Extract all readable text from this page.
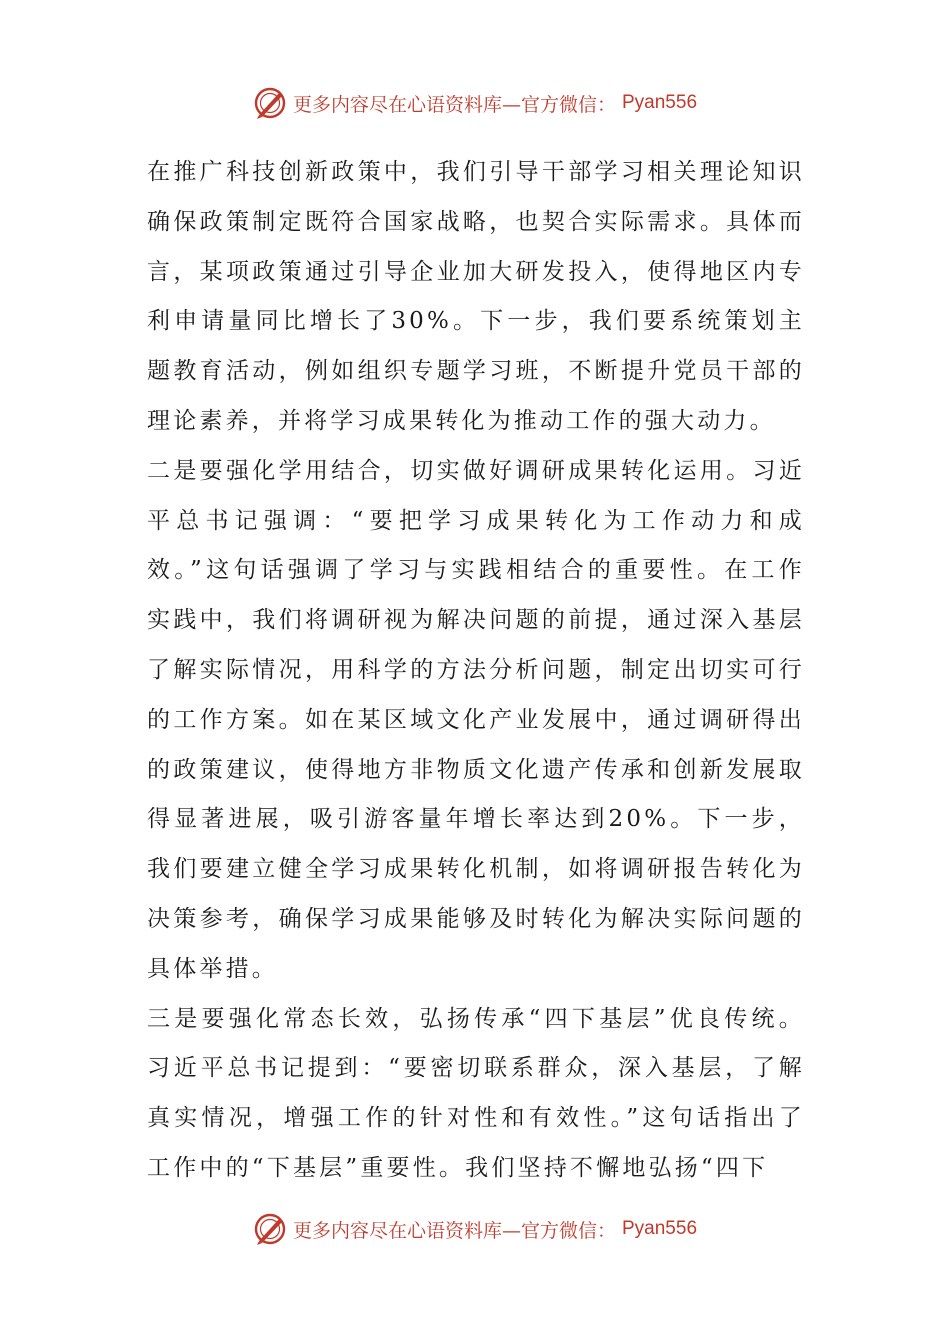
更多内容尽在心语资料库—官方微信： Pyan556

在推广科技创新政策中，我们引导干部学习相关理论知识确保政策制定既符合国家战略，也契合实际需求。具体而言，某项政策通过引导企业加大研发投入，使得地区内专利申请量同比增长了30%。下一步，我们要系统策划主题教育活动，例如组织专题学习班，不断提升党员干部的理论素养，并将学习成果转化为推动工作的强大动力。

二是要强化学用结合，切实做好调研成果转化运用。习近平总书记强调：“要把学习成果转化为工作动力和成效。”这句话强调了学习与实践相结合的重要性。在工作实践中，我们将调研视为解决问题的前提，通过深入基层了解实际情况，用科学的方法分析问题，制定出切实可行的工作方案。如在某区域文化产业发展中，通过调研得出的政策建议，使得地方非物质文化遗产传承和创新发展取得显著进展，吸引游客量年增长率达到20%。下一步，我们要建立健全学习成果转化机制，如将调研报告转化为决策参考，确保学习成果能够及时转化为解决实际问题的具体举措。

三是要强化常态长效，弘扬传承“四下基层”优良传统。习近平总书记提到：“要密切联系群众，深入基层，了解真实情况，增强工作的针对性和有效性。”这句话指出了工作中的“下基层”重要性。我们坚持不懈地弘扬“四下

更多内容尽在心语资料库—官方微信： Pyan556
